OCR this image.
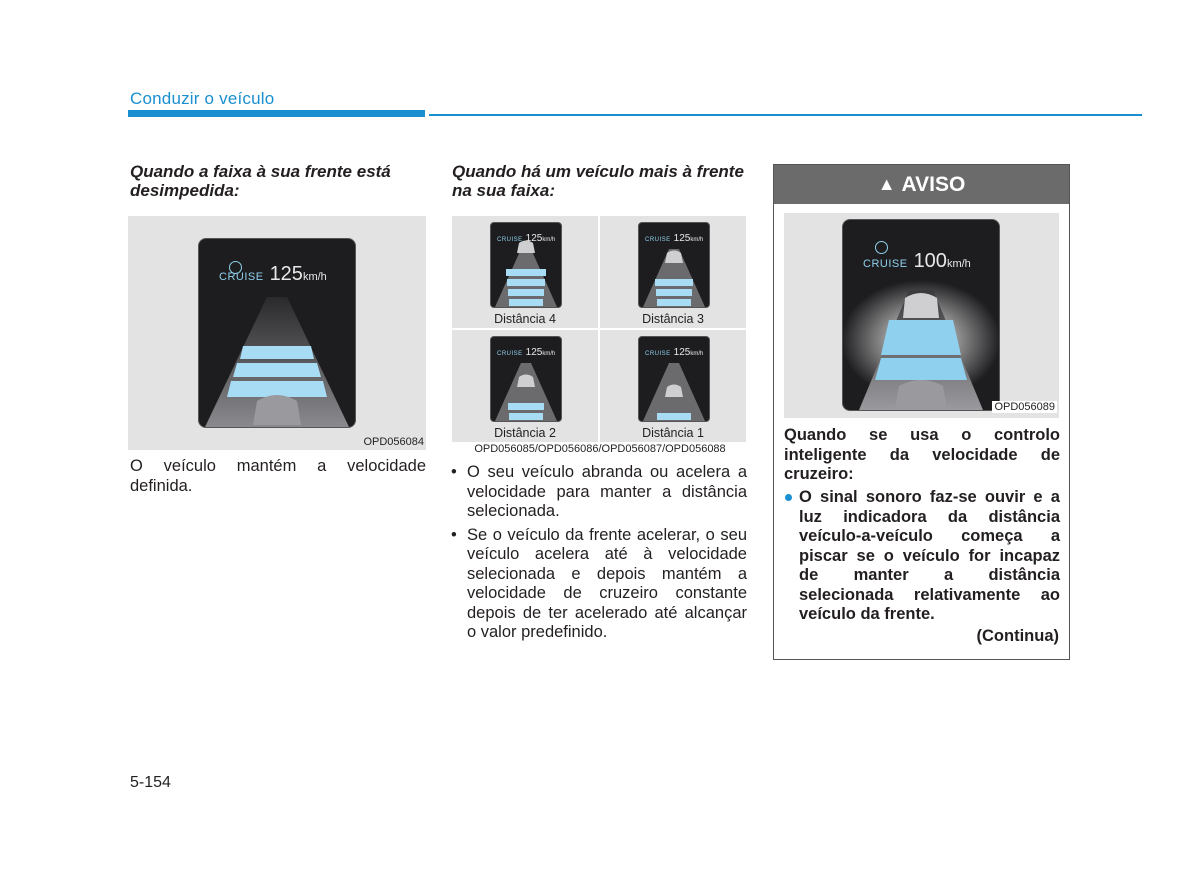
Conduzir o veículo
Quando a faixa à sua frente está desimpedida:
CRUISE 125 km/h
OPD056084
O veículo mantém a velocidade definida.
Quando há um veículo mais à frente na sua faixa:
CRUISE 125 km/h
Distância 4
CRUISE 125 km/h
Distância 3
CRUISE 125 km/h
Distância 2
CRUISE 125 km/h
Distância 1
OPD056085/OPD056086/OPD056087/OPD056088
• O seu veículo abranda ou acelera a velocidade para manter a distância selecionada.
• Se o veículo da frente acelerar, o seu veículo acelera até à velocidade selecionada e depois mantém a velocidade de cruzeiro constante depois de ter acelerado até alcançar o valor predefinido.
▲ AVISO
CRUISE 100 km/h
OPD056089
Quando se usa o controlo inteligente da velocidade de cruzeiro:
O sinal sonoro faz-se ouvir e a luz indicadora da distância veículo-a-veículo começa a piscar se o veículo for incapaz de manter a distância selecionada relativamente ao veículo da frente.
(Continua)
5-154
